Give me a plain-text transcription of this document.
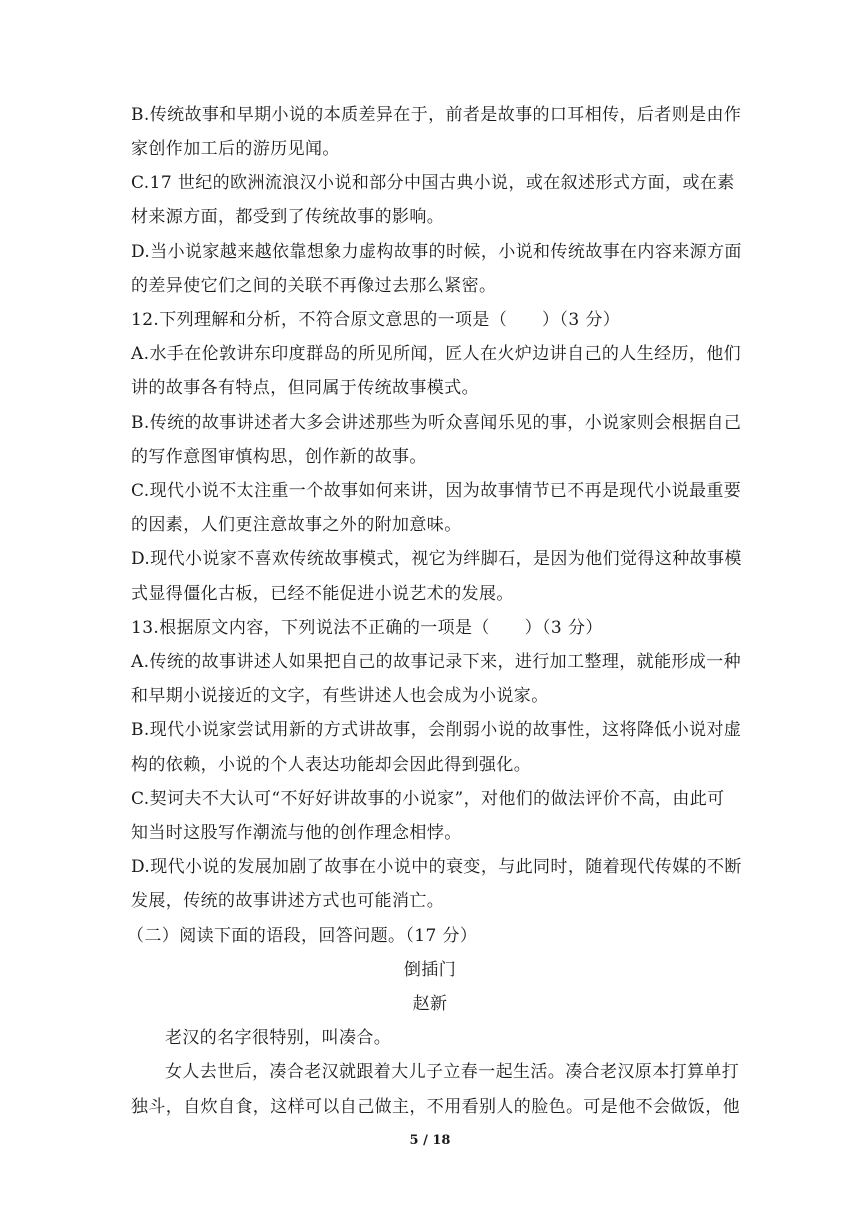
B.传统故事和早期小说的本质差异在于，前者是故事的口耳相传，后者则是由作
家创作加工后的游历见闻。
C.17 世纪的欧洲流浪汉小说和部分中国古典小说，或在叙述形式方面，或在素
材来源方面，都受到了传统故事的影响。
D.当小说家越来越依靠想象力虚构故事的时候，小说和传统故事在内容来源方面
的差异使它们之间的关联不再像过去那么紧密。
12.下列理解和分析，不符合原文意思的一项是（　　）（3 分）
A.水手在伦敦讲东印度群岛的所见所闻，匠人在火炉边讲自己的人生经历，他们
讲的故事各有特点，但同属于传统故事模式。
B.传统的故事讲述者大多会讲述那些为听众喜闻乐见的事，小说家则会根据自己
的写作意图审慎构思，创作新的故事。
C.现代小说不太注重一个故事如何来讲，因为故事情节已不再是现代小说最重要
的因素，人们更注意故事之外的附加意味。
D.现代小说家不喜欢传统故事模式，视它为绊脚石，是因为他们觉得这种故事模
式显得僵化古板，已经不能促进小说艺术的发展。
13.根据原文内容，下列说法不正确的一项是（　　）（3 分）
A.传统的故事讲述人如果把自己的故事记录下来，进行加工整理，就能形成一种
和早期小说接近的文字，有些讲述人也会成为小说家。
B.现代小说家尝试用新的方式讲故事，会削弱小说的故事性，这将降低小说对虚
构的依赖，小说的个人表达功能却会因此得到强化。
C.契诃夫不大认可“不好好讲故事的小说家”，对他们的做法评价不高，由此可
知当时这股写作潮流与他的创作理念相悖。
D.现代小说的发展加剧了故事在小说中的衰变，与此同时，随着现代传媒的不断
发展，传统的故事讲述方式也可能消亡。
（二）阅读下面的语段，回答问题。（17 分）
倒插门
赵新
老汉的名字很特别，叫凑合。
女人去世后，凑合老汉就跟着大儿子立春一起生活。凑合老汉原本打算单打
独斗，自炊自食，这样可以自己做主，不用看别人的脸色。可是他不会做饭，他
5 / 18
